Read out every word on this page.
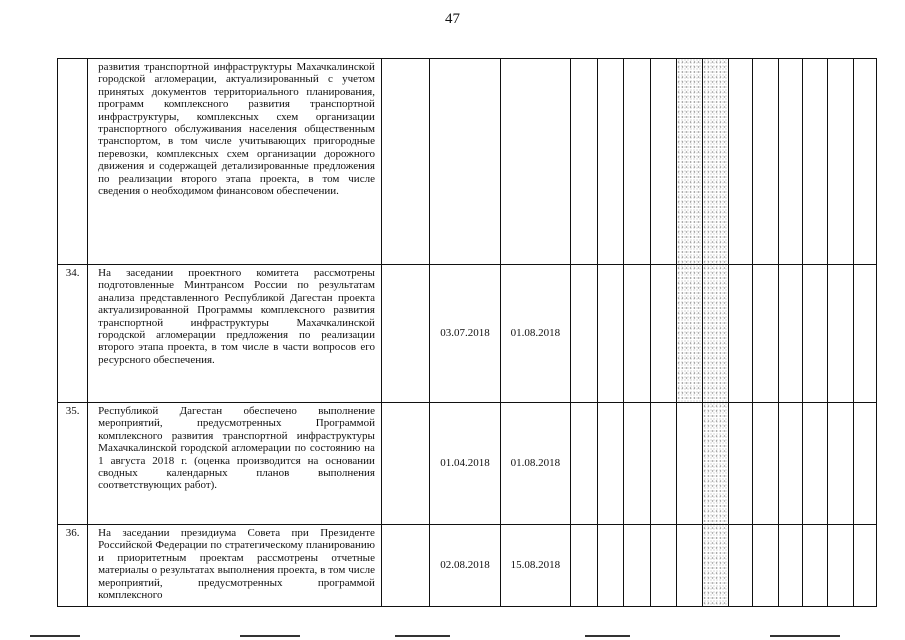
47

	развития транспортной инфраструктуры Махачкалинской городской агломерации, актуализированный с учетом принятых документов территориального планирования, программ комплексного развития транспортной инфраструктуры, комплексных схем организации транспортного обслуживания населения общественным транспортом, в том числе учитывающих пригородные перевозки, комплексных схем организации дорожного движения и содержащей детализированные предложения по реализации второго этапа проекта, в том числе сведения о необходимом финансовом обеспечении.															

34.	На заседании проектного комитета рассмотрены подготовленные Минтрансом России по результатам анализа представленного Республикой Дагестан проекта актуализированной Программы комплексного развития транспортной инфраструктуры Махачкалинской городской агломерации предложения по реализации второго этапа проекта, в том числе в части вопросов его ресурсного обеспечения.		03.07.2018	01.08.2018												
35.	Республикой Дагестан обеспечено выполнение мероприятий, предусмотренных Программой комплексного развития транспортной инфраструктуры Махачкалинской городской агломерации по состоянию на 1 августа 2018 г. (оценка производится на основании сводных календарных планов выполнения соответствующих работ).		01.04.2018	01.08.2018												
36.	На заседании президиума Совета при Президенте Российской Федерации по стратегическому планированию и приоритетным проектам рассмотрены отчетные материалы о результатах выполнения проекта, в том числе мероприятий, предусмотренных программой комплексного		02.08.2018	15.08.2018												
